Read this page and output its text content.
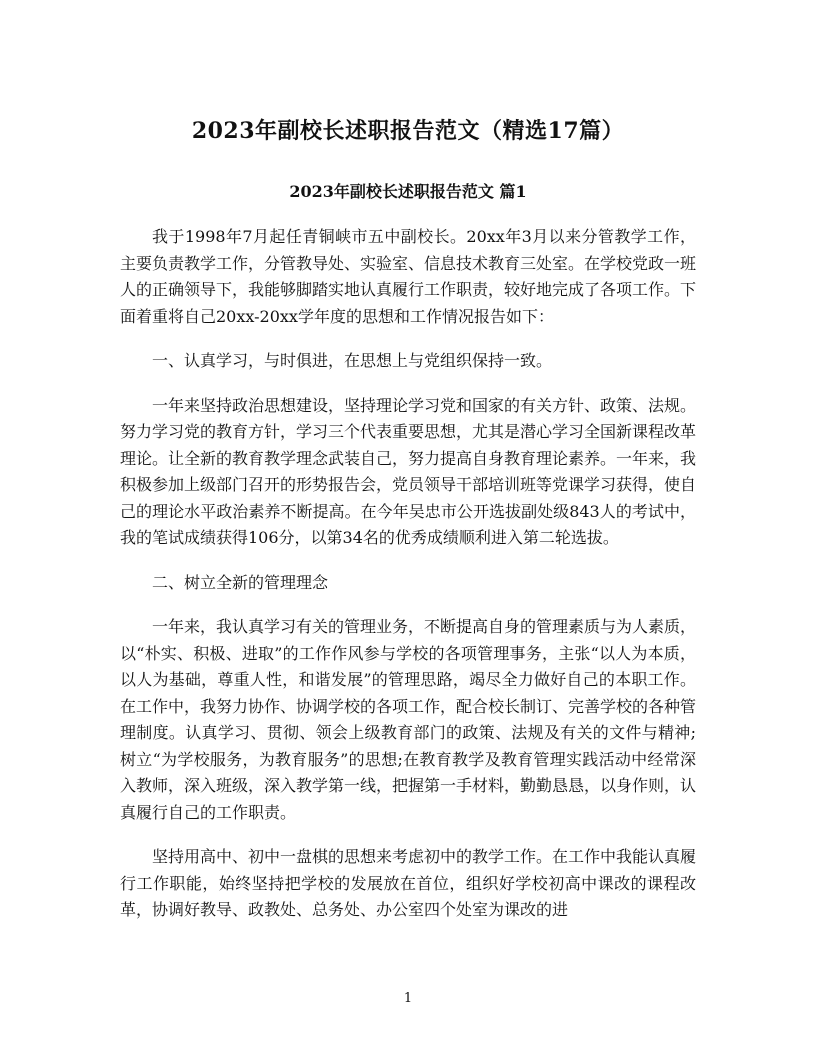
2023年副校长述职报告范文（精选17篇）
2023年副校长述职报告范文 篇1

我于1998年7月起任青铜峡市五中副校长。20xx年3月以来分管教学工作，主要负责教学工作，分管教导处、实验室、信息技术教育三处室。在学校党政一班人的正确领导下，我能够脚踏实地认真履行工作职责，较好地完成了各项工作。下面着重将自己20xx-20xx学年度的思想和工作情况报告如下：

一、认真学习，与时俱进，在思想上与党组织保持一致。

一年来坚持政治思想建设，坚持理论学习党和国家的有关方针、政策、法规。努力学习党的教育方针，学习三个代表重要思想，尤其是潜心学习全国新课程改革理论。让全新的教育教学理念武装自己，努力提高自身教育理论素养。一年来，我积极参加上级部门召开的形势报告会，党员领导干部培训班等党课学习获得，使自己的理论水平政治素养不断提高。在今年吴忠市公开选拔副处级843人的考试中，我的笔试成绩获得106分，以第34名的优秀成绩顺利进入第二轮选拔。

二、树立全新的管理理念

一年来，我认真学习有关的管理业务，不断提高自身的管理素质与为人素质，以“朴实、积极、进取”的工作作风参与学校的各项管理事务，主张“以人为本质，以人为基础，尊重人性，和谐发展”的管理思路，竭尽全力做好自己的本职工作。在工作中，我努力协作、协调学校的各项工作，配合校长制订、完善学校的各种管理制度。认真学习、贯彻、领会上级教育部门的政策、法规及有关的文件与精神;树立“为学校服务，为教育服务”的思想;在教育教学及教育管理实践活动中经常深入教师，深入班级，深入教学第一线，把握第一手材料，勤勤恳恳，以身作则，认真履行自己的工作职责。

坚持用高中、初中一盘棋的思想来考虑初中的教学工作。在工作中我能认真履行工作职能，始终坚持把学校的发展放在首位，组织好学校初高中课改的课程改革，协调好教导、政教处、总务处、办公室四个处室为课改的进

1
